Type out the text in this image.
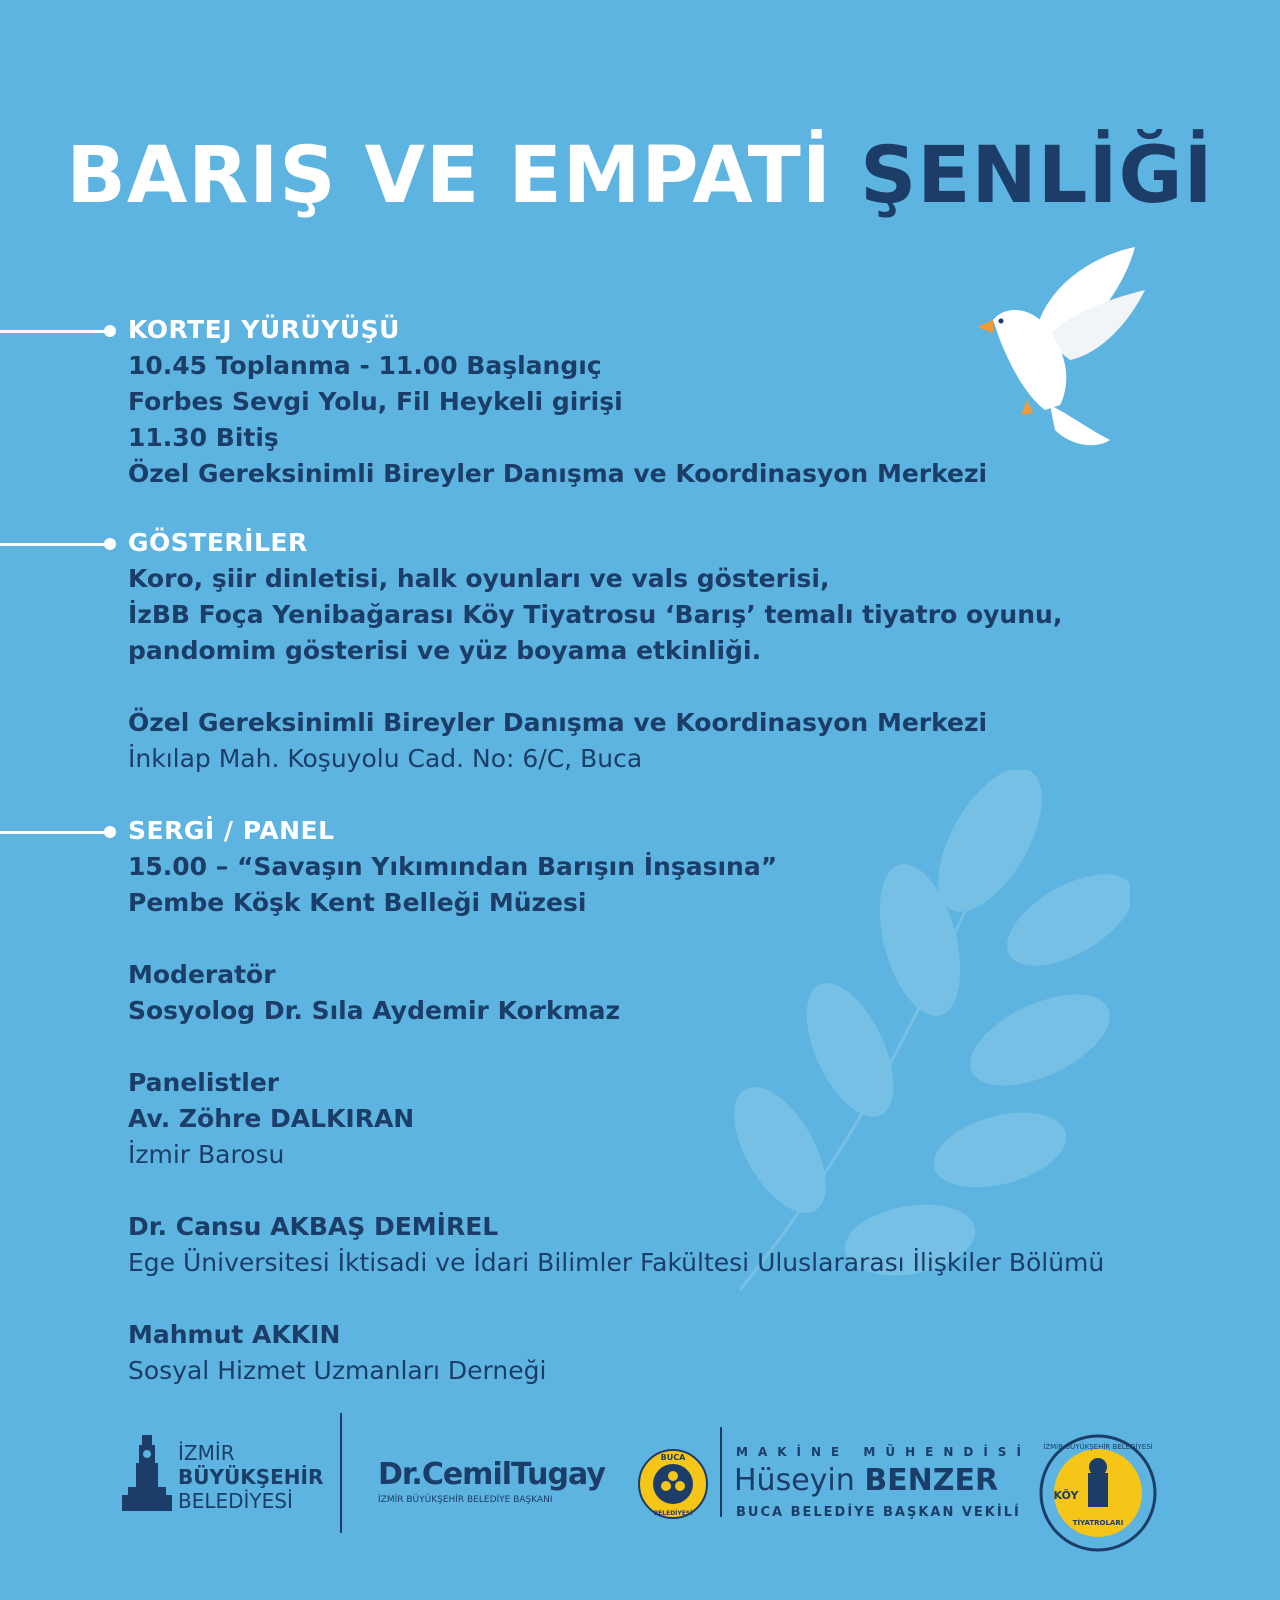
BARIŞ VE EMPATİ ŞENLİĞİ
KORTEJ YÜRÜYÜŞÜ
10.45 Toplanma - 11.00 Başlangıç
Forbes Sevgi Yolu, Fil Heykeli girişi
11.30 Bitiş
Özel Gereksinimli Bireyler Danışma ve Koordinasyon Merkezi
GÖSTERİLER
Koro, şiir dinletisi, halk oyunları ve vals gösterisi,
İzBB Foça Yenibağarası Köy Tiyatrosu ‘Barış’ temalı tiyatro oyunu,
pandomim gösterisi ve yüz boyama etkinliği.
Özel Gereksinimli Bireyler Danışma ve Koordinasyon Merkezi
İnkılap Mah. Koşuyolu Cad. No: 6/C, Buca
SERGİ / PANEL
15.00 – “Savaşın Yıkımından Barışın İnşasına”
Pembe Köşk Kent Belleği Müzesi
Moderatör
Sosyolog Dr. Sıla Aydemir Korkmaz
Panelistler
Av. Zöhre DALKIRAN
İzmir Barosu
Dr. Cansu AKBAŞ DEMİREL
Ege Üniversitesi İktisadi ve İdari Bilimler Fakültesi Uluslararası İlişkiler Bölümü
Mahmut AKKIN
Sosyal Hizmet Uzmanları Derneği
İZMİR
BÜYÜKŞEHİR
BELEDİYESİ
Dr.CemilTugay
İZMİR BÜYÜKŞEHİR BELEDİYE BAŞKANI
BUCA
BELEDİYESİ
MAKİNE MÜHENDİSİ
Hüseyin BENZER
BUCA BELEDİYE BAŞKAN VEKİLİ
İZMİR BÜYÜKŞEHİR BELEDİYESİ
KÖY
TİYATROLARI
